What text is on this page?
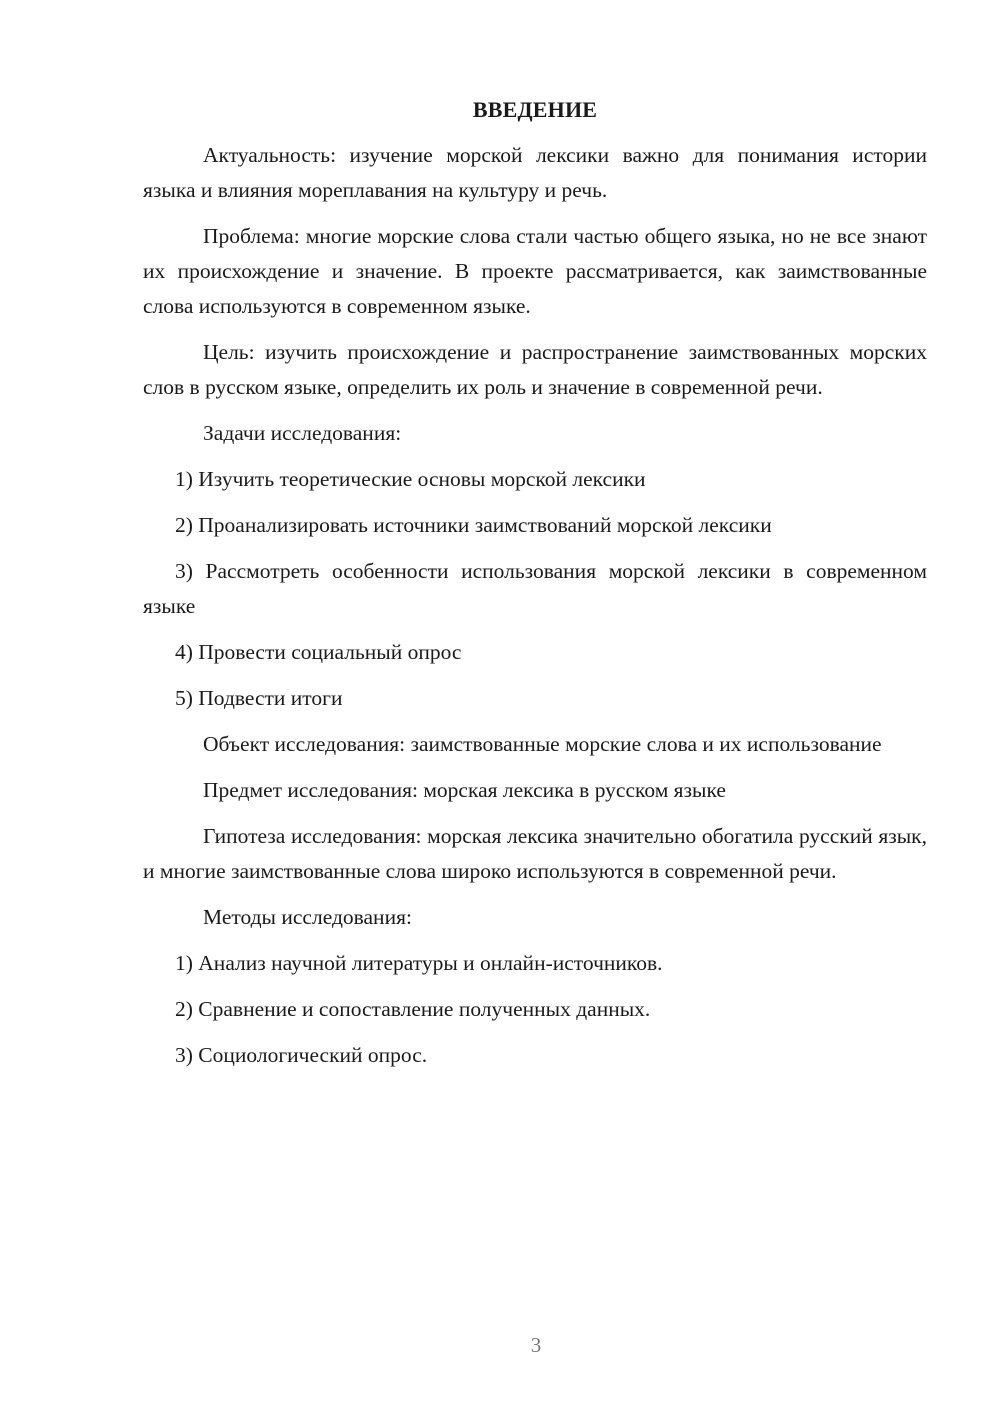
ВВЕДЕНИЕ

Актуальность: изучение морской лексики важно для понимания истории языка и влияния мореплавания на культуру и речь.

Проблема: многие морские слова стали частью общего языка, но не все знают их происхождение и значение. В проекте рассматривается, как заимствованные слова используются в современном языке.

Цель: изучить происхождение и распространение заимствованных морских слов в русском языке, определить их роль и значение в современной речи.

Задачи исследования:

1) Изучить теоретические основы морской лексики

2) Проанализировать источники заимствований морской лексики

3) Рассмотреть особенности использования морской лексики в современном языке

4) Провести социальный опрос

5) Подвести итоги

Объект исследования: заимствованные морские слова и их использование

Предмет исследования: морская лексика в русском языке

Гипотеза исследования: морская лексика значительно обогатила русский язык, и многие заимствованные слова широко используются в современной речи.

Методы исследования:

1) Анализ научной литературы и онлайн-источников.

2) Сравнение и сопоставление полученных данных.

3) Социологический опрос.

3
